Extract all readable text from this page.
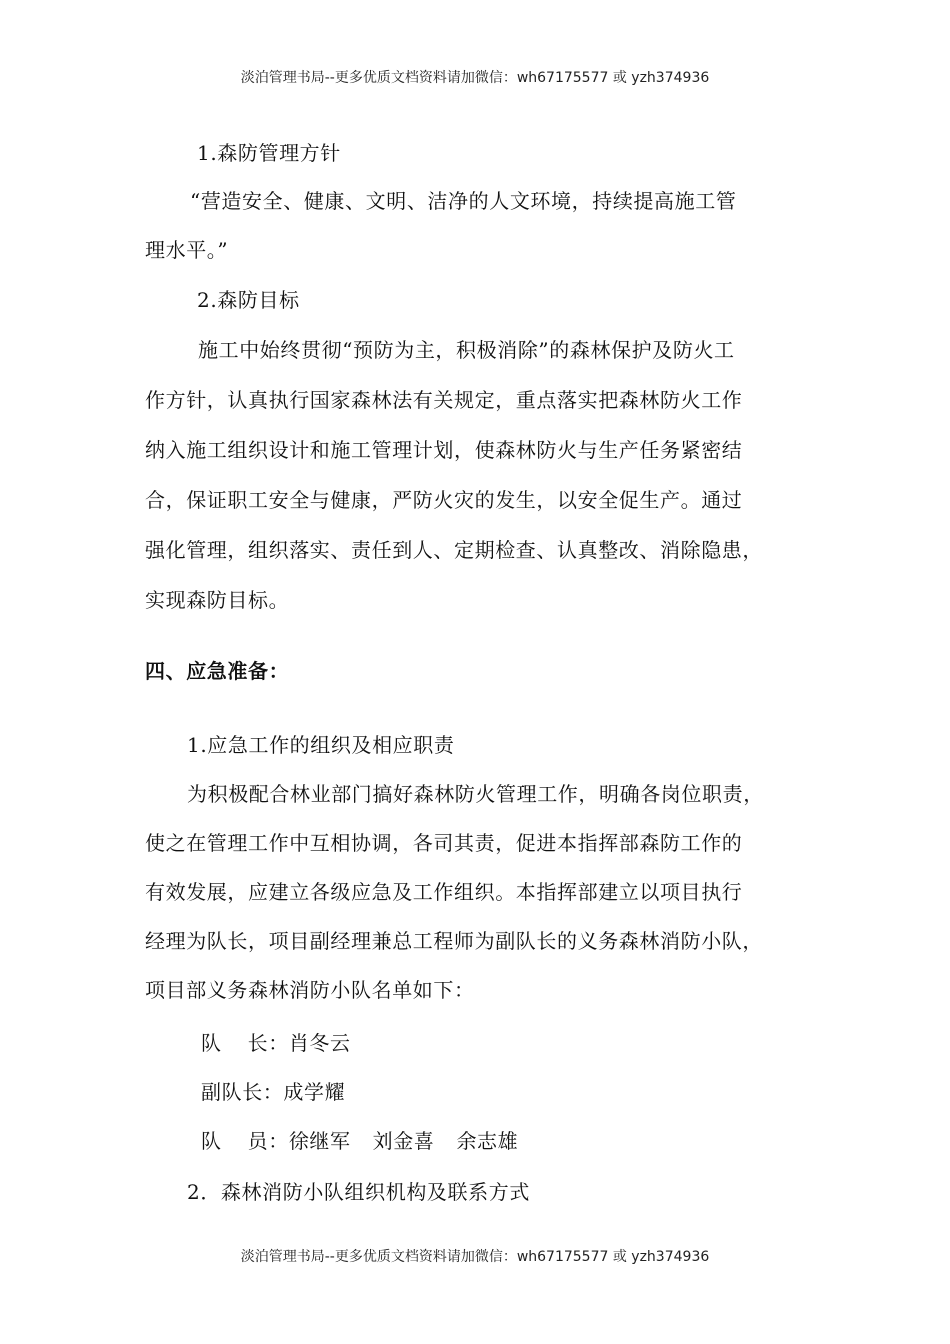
淡泊管理书局--更多优质文档资料请加微信：wh67175577 或 yzh374936
1.森防管理方针
“营造安全、健康、文明、洁净的人文环境，持续提高施工管
理水平。”
2.森防目标
施工中始终贯彻“预防为主，积极消除”的森林保护及防火工
作方针，认真执行国家森林法有关规定，重点落实把森林防火工作
纳入施工组织设计和施工管理计划，使森林防火与生产任务紧密结
合，保证职工安全与健康，严防火灾的发生，以安全促生产。通过
强化管理，组织落实、责任到人、定期检查、认真整改、消除隐患，
实现森防目标。
四、应急准备：
1.应急工作的组织及相应职责
为积极配合林业部门搞好森林防火管理工作，明确各岗位职责，
使之在管理工作中互相协调，各司其责，促进本指挥部森防工作的
有效发展，应建立各级应急及工作组织。本指挥部建立以项目执行
经理为队长，项目副经理兼总工程师为副队长的义务森林消防小队，
项目部义务森林消防小队名单如下：
队 长：肖冬云
副队长：成学耀
队 员：徐继军 刘金喜 余志雄
2．森林消防小队组织机构及联系方式
淡泊管理书局--更多优质文档资料请加微信：wh67175577 或 yzh374936
